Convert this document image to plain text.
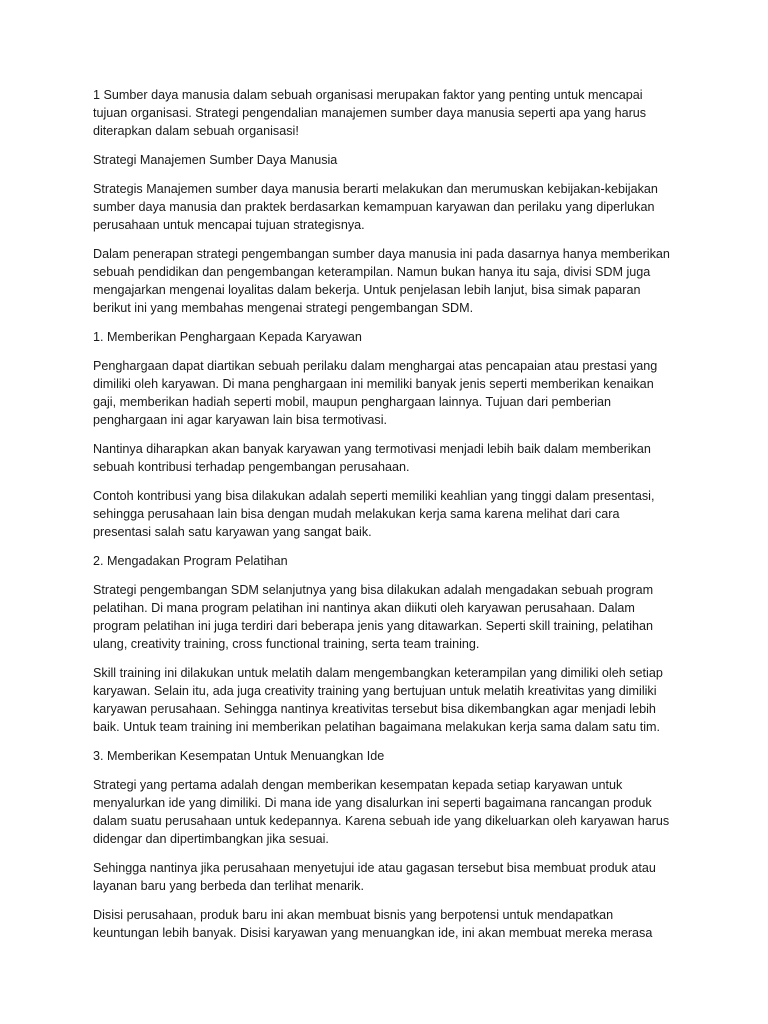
1 Sumber daya manusia dalam sebuah organisasi merupakan faktor yang penting untuk mencapai tujuan organisasi. Strategi pengendalian manajemen sumber daya manusia seperti apa yang harus diterapkan dalam sebuah organisasi!

Strategi Manajemen Sumber Daya Manusia

Strategis Manajemen sumber daya manusia berarti melakukan dan merumuskan kebijakan-kebijakan sumber daya manusia dan praktek berdasarkan kemampuan karyawan dan perilaku yang diperlukan perusahaan untuk mencapai tujuan strategisnya.

Dalam penerapan strategi pengembangan sumber daya manusia ini pada dasarnya hanya memberikan sebuah pendidikan dan pengembangan keterampilan. Namun bukan hanya itu saja, divisi SDM juga mengajarkan mengenai loyalitas dalam bekerja. Untuk penjelasan lebih lanjut, bisa simak paparan berikut ini yang membahas mengenai strategi pengembangan SDM.

1. Memberikan Penghargaan Kepada Karyawan

Penghargaan dapat diartikan sebuah perilaku dalam menghargai atas pencapaian atau prestasi yang dimiliki oleh karyawan. Di mana penghargaan ini memiliki banyak jenis seperti memberikan kenaikan gaji, memberikan hadiah seperti mobil, maupun penghargaan lainnya. Tujuan dari pemberian penghargaan ini agar karyawan lain bisa termotivasi.

Nantinya diharapkan akan banyak karyawan yang termotivasi menjadi lebih baik dalam memberikan sebuah kontribusi terhadap pengembangan perusahaan.

Contoh kontribusi yang bisa dilakukan adalah seperti memiliki keahlian yang tinggi dalam presentasi, sehingga perusahaan lain bisa dengan mudah melakukan kerja sama karena melihat dari cara presentasi salah satu karyawan yang sangat baik.

2. Mengadakan Program Pelatihan

Strategi pengembangan SDM selanjutnya yang bisa dilakukan adalah mengadakan sebuah program pelatihan. Di mana program pelatihan ini nantinya akan diikuti oleh karyawan perusahaan. Dalam program pelatihan ini juga terdiri dari beberapa jenis yang ditawarkan. Seperti skill training, pelatihan ulang, creativity training, cross functional training, serta team training.

Skill training ini dilakukan untuk melatih dalam mengembangkan keterampilan yang dimiliki oleh setiap karyawan. Selain itu, ada juga creativity training yang bertujuan untuk melatih kreativitas yang dimiliki karyawan perusahaan. Sehingga nantinya kreativitas tersebut bisa dikembangkan agar menjadi lebih baik. Untuk team training ini memberikan pelatihan bagaimana melakukan kerja sama dalam satu tim.

3. Memberikan Kesempatan Untuk Menuangkan Ide

Strategi yang pertama adalah dengan memberikan kesempatan kepada setiap karyawan untuk menyalurkan ide yang dimiliki. Di mana ide yang disalurkan ini seperti bagaimana rancangan produk dalam suatu perusahaan untuk kedepannya. Karena sebuah ide yang dikeluarkan oleh karyawan harus didengar dan dipertimbangkan jika sesuai.

Sehingga nantinya jika perusahaan menyetujui ide atau gagasan tersebut bisa membuat produk atau layanan baru yang berbeda dan terlihat menarik.

Disisi perusahaan, produk baru ini akan membuat bisnis yang berpotensi untuk mendapatkan keuntungan lebih banyak. Disisi karyawan yang menuangkan ide, ini akan membuat mereka merasa
